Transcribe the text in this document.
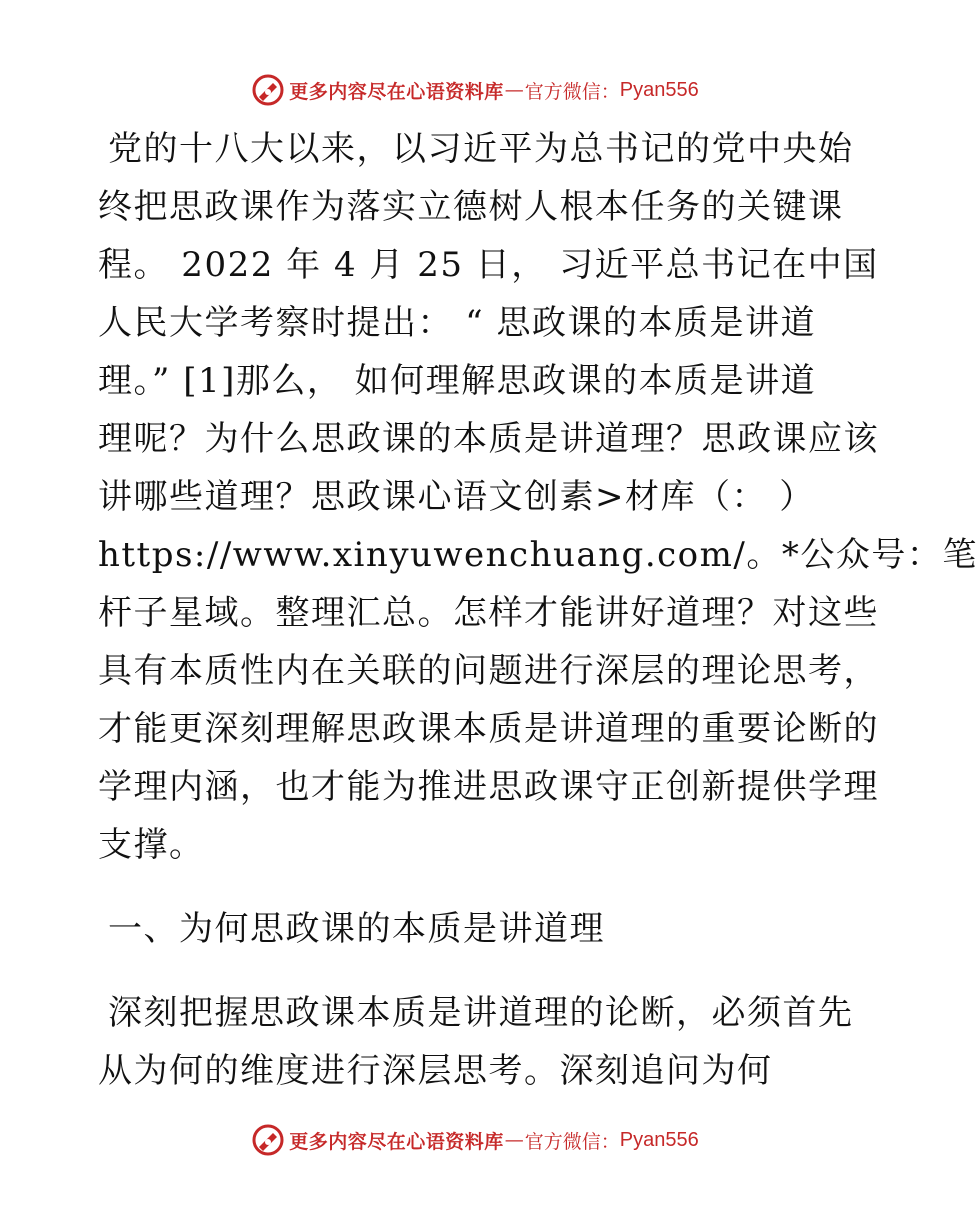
更多内容尽在心语资料库 — 官方微信： Pyan556
党的十八大以来，以习近平为总书记的党中央始
终把思政课作为落实立德树人根本任务的关键课
程。 2022 年 4 月 25 日， 习近平总书记在中国
人民大学考察时提出： “ 思政课的本质是讲道
理。” [1]那么， 如何理解思政课的本质是讲道
理呢？为什么思政课的本质是讲道理？思政课应该
讲哪些道理？思政课心语文创素>材库（： ）
https://www.xinyuwenchuang.com/。*公众号：笔
杆子星域。整理汇总。怎样才能讲好道理？对这些
具有本质性内在关联的问题进行深层的理论思考，
才能更深刻理解思政课本质是讲道理的重要论断的
学理内涵，也才能为推进思政课守正创新提供学理
支撑。
一、为何思政课的本质是讲道理
深刻把握思政课本质是讲道理的论断，必须首先
从为何的维度进行深层思考。深刻追问为何
更多内容尽在心语资料库 — 官方微信： Pyan556
